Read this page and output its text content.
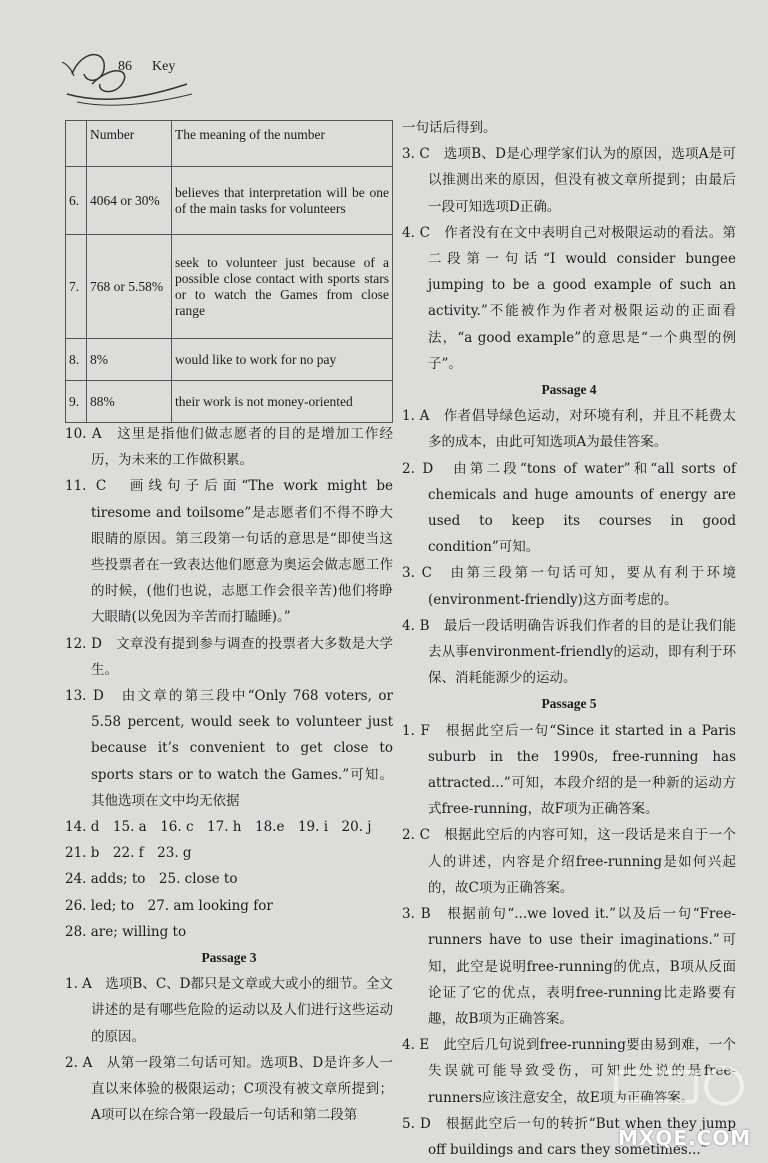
86 Key
	Number	The meaning of the number
6.	4064 or 30%	believes that interpretation will be one of the main tasks for volunteers
7.	768 or 5.58%	seek to volunteer just because of a possible close contact with sports stars or to watch the Games from close range
8.	8%	would like to work for no pay
9.	88%	their work is not money-oriented

10. A　这里是指他们做志愿者的目的是增加工作经历，为未来的工作做积累。

11. C　画线句子后面“The work might be tiresome and toilsome”是志愿者们不得不睁大眼睛的原因。第三段第一句话的意思是“即使当这些投票者在一致表达他们愿意为奥运会做志愿工作的时候，(他们也说，志愿工作会很辛苦)他们将睁大眼睛(以免因为辛苦而打瞌睡)。”

12. D　文章没有提到参与调查的投票者大多数是大学生。

13. D　由文章的第三段中“Only 768 voters, or 5.58 percent, would seek to volunteer just because it’s convenient to get close to sports stars or to watch the Games.”可知。其他选项在文中均无依据

14. d　15. a　16. c　17. h　18.e　19. i　20. j

21. b　22. f　23. g

24. adds; to　25. close to

26. led; to　27. am looking for

28. are; willing to

Passage 3

1. A　选项B、C、D都只是文章或大或小的细节。全文讲述的是有哪些危险的运动以及人们进行这些运动的原因。

2. A　从第一段第二句话可知。选项B、D是许多人一直以来体验的极限运动；C项没有被文章所提到；A项可以在综合第一段最后一句话和第二段第

一句话后得到。

3. C　选项B、D是心理学家们认为的原因，选项A是可以推测出来的原因，但没有被文章所提到；由最后一段可知选项D正确。

4. C　作者没有在文中表明自己对极限运动的看法。第二段第一句话“I would consider bungee jumping to be a good example of such an activity.”不能被作为作者对极限运动的正面看法，“a good example”的意思是“一个典型的例子”。

Passage 4

1. A　作者倡导绿色运动，对环境有利，并且不耗费太多的成本，由此可知选项A为最佳答案。

2. D　由第二段“tons of water”和“all sorts of chemicals and huge amounts of energy are used to keep its courses in good condition”可知。

3. C　由第三段第一句话可知，要从有利于环境(environment-friendly)这方面考虑的。

4. B　最后一段话明确告诉我们作者的目的是让我们能去从事environment-friendly的运动，即有利于环保、消耗能源少的运动。

Passage 5

1. F　根据此空后一句“Since it started in a Paris suburb in the 1990s, free-running has attracted...”可知，本段介绍的是一种新的运动方式free-running，故F项为正确答案。

2. C　根据此空后的内容可知，这一段话是来自于一个人的讲述，内容是介绍free-running是如何兴起的，故C项为正确答案。

3. B　根据前句“...we loved it.”以及后一句“Free-runners have to use their imaginations.”可知，此空是说明free-running的优点，B项从反面论证了它的优点，表明free-running比走路要有趣，故B项为正确答案。

4. E　此空后几句说到free-running要由易到难，一个失误就可能导致受伤，可知此处说的是free-runners应该注意安全，故E项为正确答案。

5. D　根据此空后一句的转折“But when they jump off buildings and cars they sometimes...”

MXQE.COM
